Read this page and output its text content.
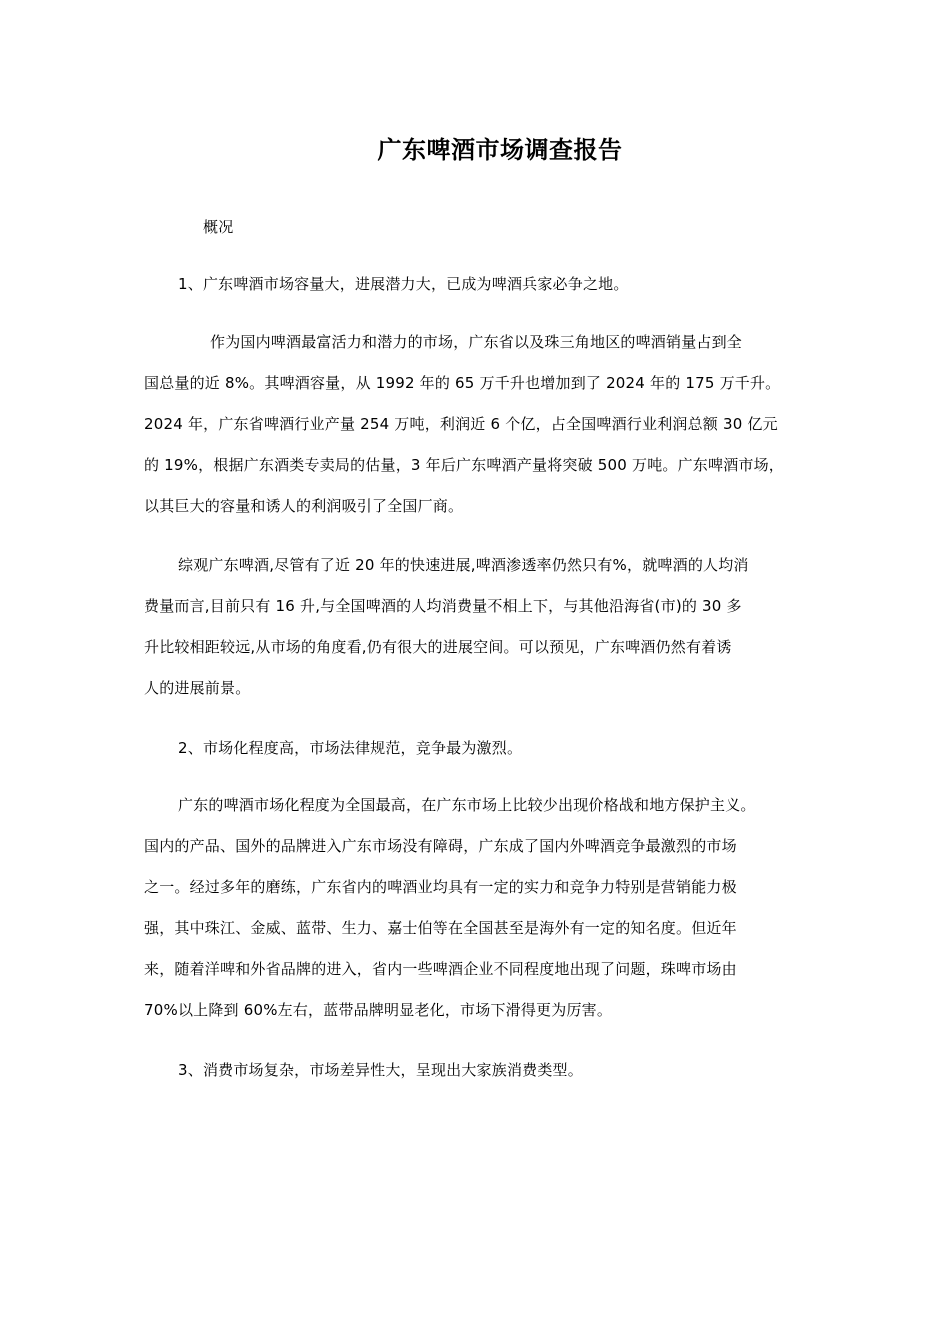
广东啤酒市场调查报告
概况
1、广东啤酒市场容量大，进展潜力大，已成为啤酒兵家必争之地。
作为国内啤酒最富活力和潜力的市场，广东省以及珠三角地区的啤酒销量占到全
国总量的近 8%。其啤酒容量，从 1992 年的 65 万千升也增加到了 2024 年的 175 万千升。
2024 年，广东省啤酒行业产量 254 万吨，利润近 6 个亿，占全国啤酒行业利润总额 30 亿元
的 19%，根据广东酒类专卖局的估量，3 年后广东啤酒产量将突破 500 万吨。广东啤酒市场，
以其巨大的容量和诱人的利润吸引了全国厂商。
综观广东啤酒,尽管有了近 20 年的快速进展,啤酒渗透率仍然只有%，就啤酒的人均消
费量而言,目前只有 16 升,与全国啤酒的人均消费量不相上下，与其他沿海省(市)的 30 多
升比较相距较远,从市场的角度看,仍有很大的进展空间。可以预见，广东啤酒仍然有着诱
人的进展前景。
2、市场化程度高，市场法律规范，竞争最为激烈。
广东的啤酒市场化程度为全国最高，在广东市场上比较少出现价格战和地方保护主义。
国内的产品、国外的品牌进入广东市场没有障碍，广东成了国内外啤酒竞争最激烈的市场
之一。经过多年的磨练，广东省内的啤酒业均具有一定的实力和竞争力特别是营销能力极
强，其中珠江、金威、蓝带、生力、嘉士伯等在全国甚至是海外有一定的知名度。但近年
来，随着洋啤和外省品牌的进入，省内一些啤酒企业不同程度地出现了问题，珠啤市场由
70%以上降到 60%左右，蓝带品牌明显老化，市场下滑得更为厉害。
3、消费市场复杂，市场差异性大，呈现出大家族消费类型。
